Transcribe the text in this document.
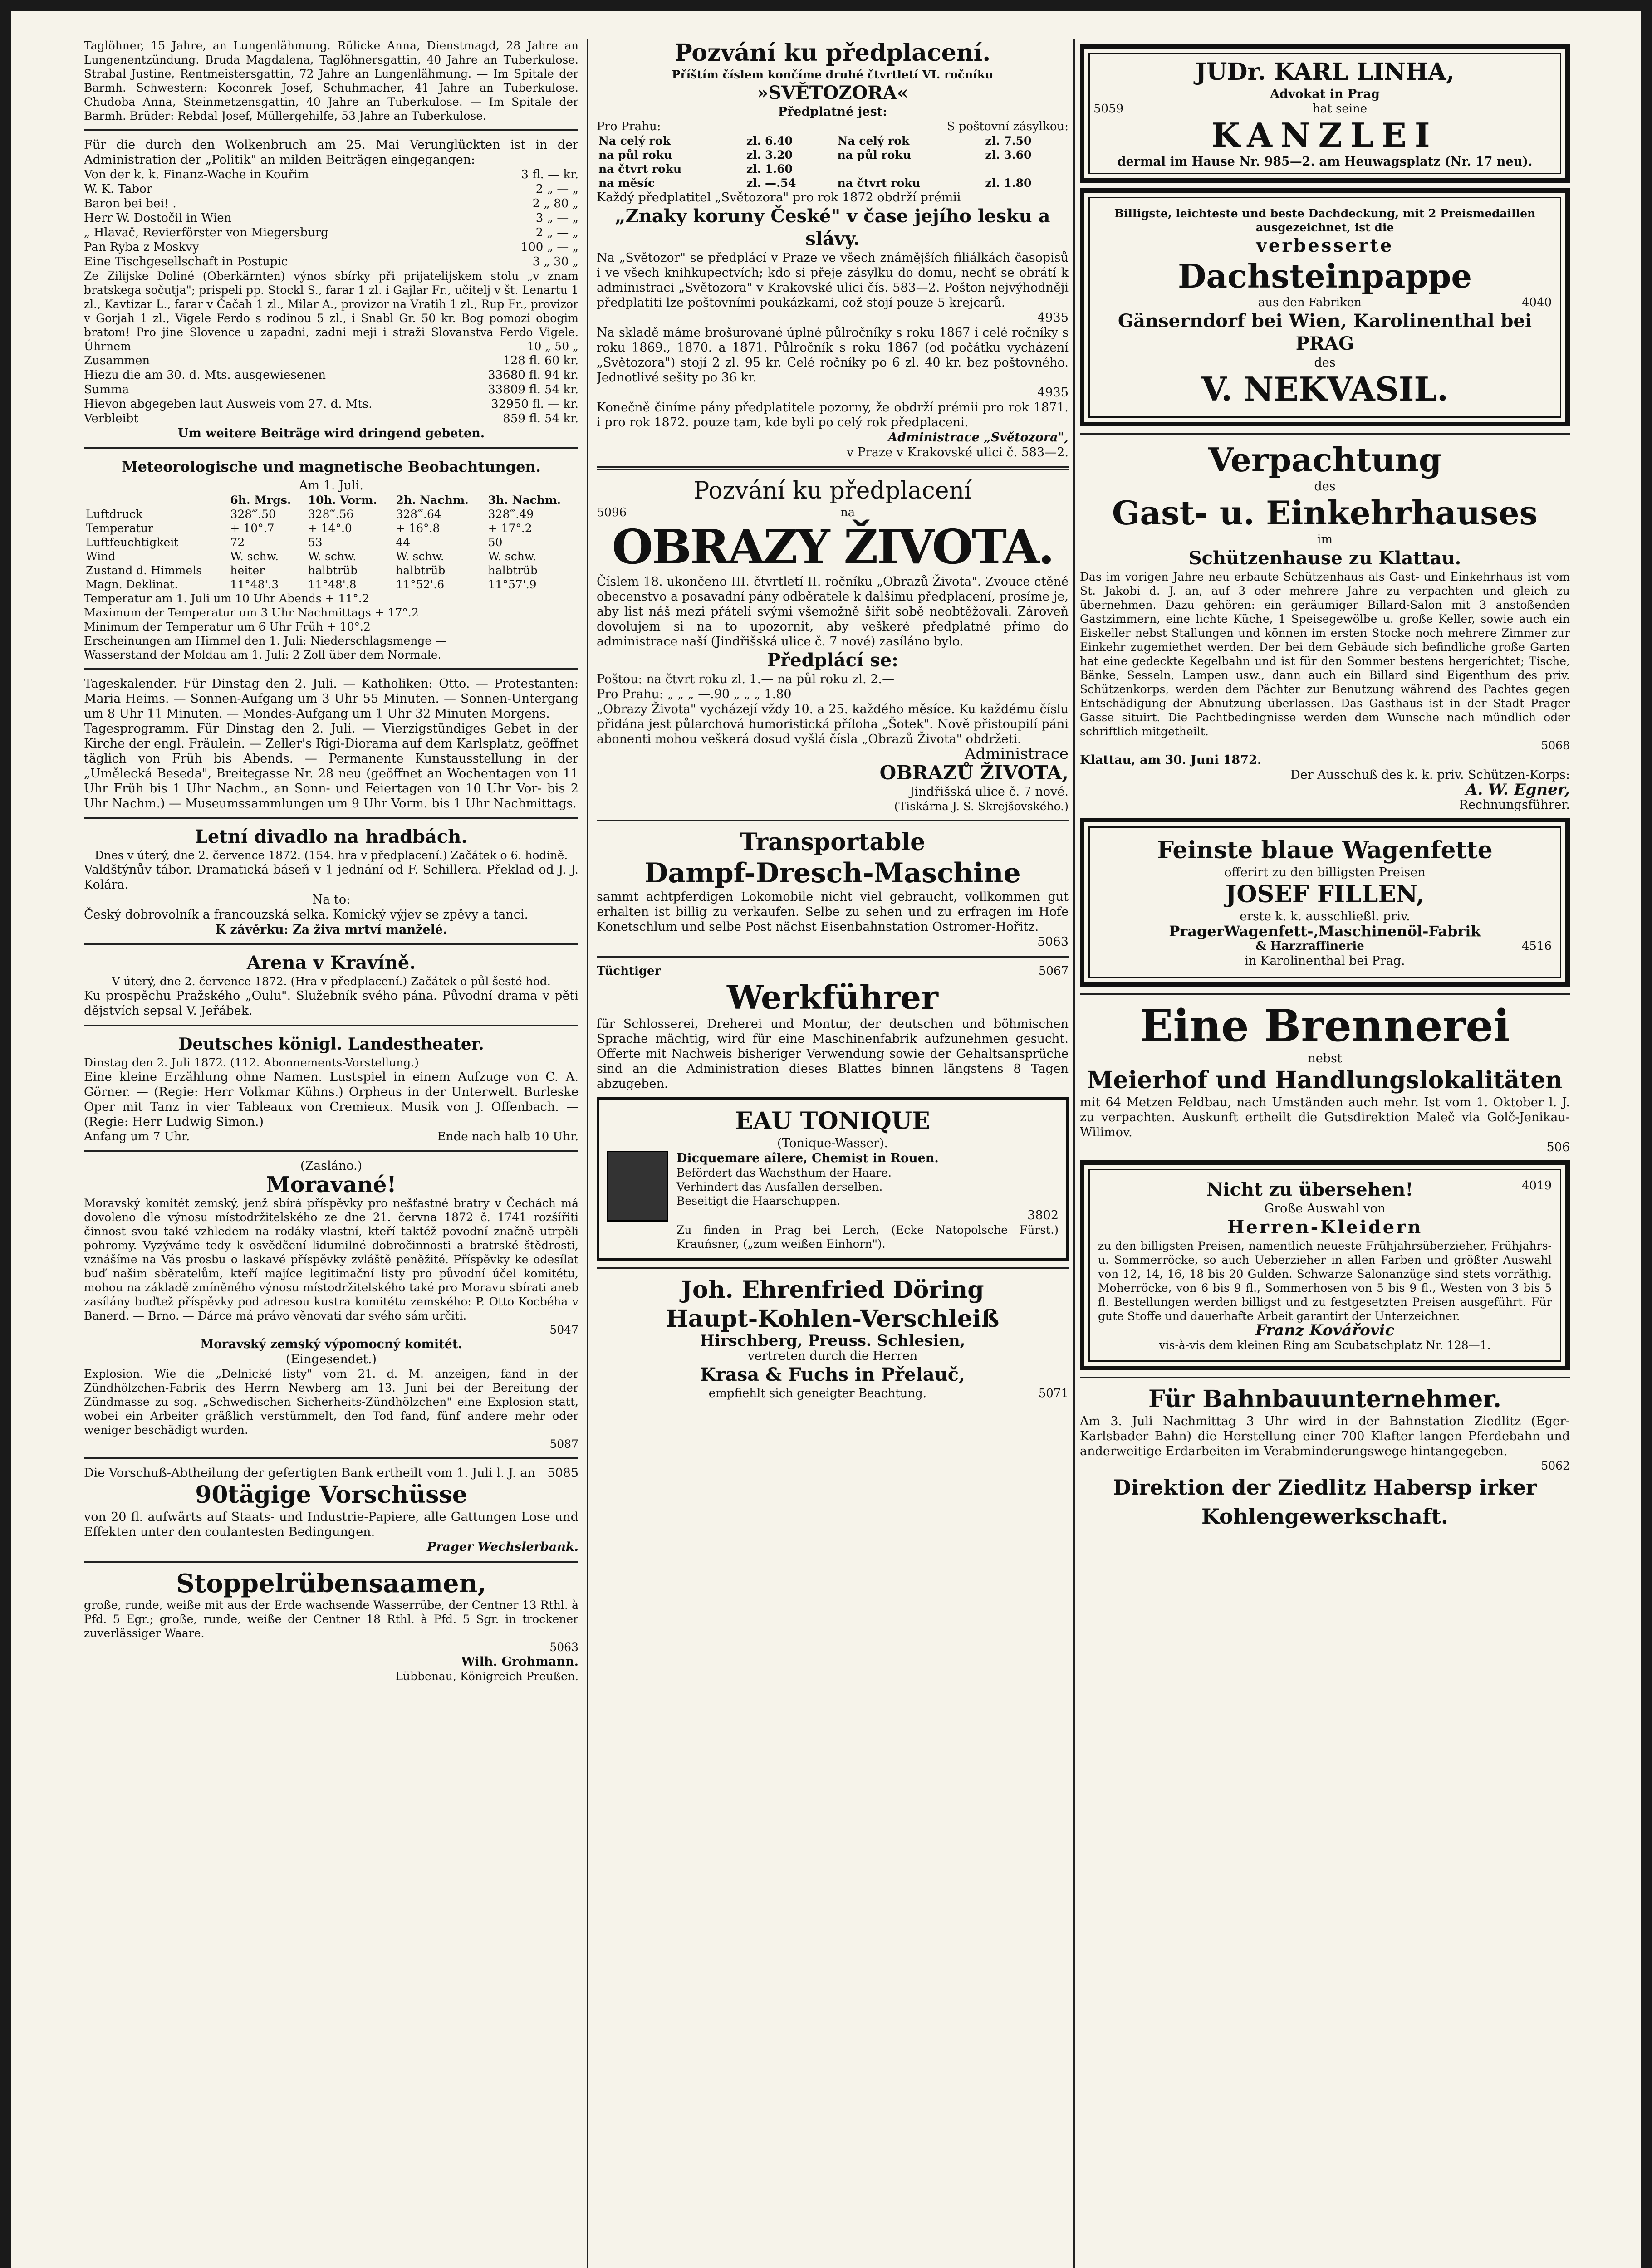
Taglöhner, 15 Jahre, an Lungenlähmung. Rülicke Anna, Dienstmagd, 28 Jahre an Lungenentzündung. Bruda Magdalena, Taglöhnersgattin, 40 Jahre an Tuberkulose. Strabal Justine, Rentmeistersgattin, 72 Jahre an Lungenlähmung. — Im Spitale der Barmh. Schwestern: Koconrek Josef, Schuhmacher, 41 Jahre an Tuberkulose. Chudoba Anna, Steinmetzensgattin, 40 Jahre an Tuberkulose. — Im Spitale der Barmh. Brüder: Rebdal Josef, Müllergehilfe, 53 Jahre an Tuberkulose.

Für die durch den Wolkenbruch am 25. Mai Verunglückten ist in der Administration der „Politik" an milden Beiträgen eingegangen:

Von der k. k. Finanz-Wache in Kouřim	3 fl. — kr.
W. K. Tabor	2 „ — „
Baron bei bei! .	2 „ 80 „
Herr W. Dostočil in Wien	3 „ — „
„ Hlavač, Revierförster von Miegersburg	2 „ — „
Pan Ryba z Moskvy	100 „ — „
Eine Tischgesellschaft in Postupic	3 „ 30 „

Ze Zilijske Doliné (Oberkärnten) výnos sbírky při prijatelijskem stolu „v znam bratskega sočutja"; prispeli pp. Stockl S., farar 1 zl. i Gajlar Fr., učitelj v št. Lenartu 1 zl., Kavtizar L., farar v Čačah 1 zl., Milar A., provizor na Vratih 1 zl., Rup Fr., provizor v Gorjah 1 zl., Vigele Ferdo s rodinou 5 zl., i Snabl Gr. 50 kr. Bog pomozi obogim bratom! Pro jine Slovence u zapadni, zadni meji i straži Slovanstva Ferdo Vigele. Úhrnem	10 „ 50 „

Zusammen	128 fl. 60 kr.
Hiezu die am 30. d. Mts. ausgewiesenen	33680 fl. 94 kr.
Summa	33809 fl. 54 kr.
Hievon abgegeben laut Ausweis vom 27. d. Mts.	32950 fl. — kr.
Verbleibt	859 fl. 54 kr.

Um weitere Beiträge wird dringend gebeten.

Meteorologische und magnetische Beobachtungen.

Am 1. Juli.

	6h. Mrgs.	10h. Vorm.	2h. Nachm.	3h. Nachm.
Luftdruck	328‴.50	328‴.56	328‴.64	328‴.49
Temperatur	+ 10°.7	+ 14°.0	+ 16°.8	+ 17°.2
Luftfeuchtigkeit	72	53	44	50
Wind	W. schw.	W. schw.	W. schw.	W. schw.
Zustand d. Himmels	heiter	halbtrüb	halbtrüb	halbtrüb
Magn. Deklinat.	11°48'.3	11°48'.8	11°52'.6	11°57'.9

Temperatur am 1. Juli um 10 Uhr Abends + 11°.2

Maximum der Temperatur um 3 Uhr Nachmittags + 17°.2

Minimum der Temperatur um 6 Uhr Früh + 10°.2

Erscheinungen am Himmel den 1. Juli: Niederschlagsmenge —

Wasserstand der Moldau am 1. Juli: 2 Zoll über dem Normale.

Tageskalender. Für Dinstag den 2. Juli. — Katholiken: Otto. — Protestanten: Maria Heims. — Sonnen-Aufgang um 3 Uhr 55 Minuten. — Sonnen-Untergang um 8 Uhr 11 Minuten. — Mondes-Aufgang um 1 Uhr 32 Minuten Morgens.

Tagesprogramm. Für Dinstag den 2. Juli. — Vierzigstündiges Gebet in der Kirche der engl. Fräulein. — Zeller's Rigi-Diorama auf dem Karlsplatz, geöffnet täglich von Früh bis Abends. — Permanente Kunstausstellung in der „Umělecká Beseda", Breitegasse Nr. 28 neu (geöffnet an Wochentagen von 11 Uhr Früh bis 1 Uhr Nachm., an Sonn- und Feiertagen von 10 Uhr Vor- bis 2 Uhr Nachm.) — Museumssammlungen um 9 Uhr Vorm. bis 1 Uhr Nachmittags.

Letní divadlo na hradbách.

Dnes v úterý, dne 2. července 1872. (154. hra v předplacení.) Začátek o 6. hodině.

Valdštýnův tábor. Dramatická báseň v 1 jednání od F. Schillera. Překlad od J. J. Kolára.

Na to:

Český dobrovolník a francouzská selka. Komický výjev se zpěvy a tanci.

K závěrku: Za živa mrtví manželé.

Arena v Kravíně.

V úterý, dne 2. července 1872. (Hra v předplacení.) Začátek o půl šesté hod.

Ku prospěchu Pražského „Oulu". Služebník svého pána. Původní drama v pěti dějstvích sepsal V. Jeřábek.

Deutsches königl. Landestheater.

Dinstag den 2. Juli 1872. (112. Abonnements-Vorstellung.)

Eine kleine Erzählung ohne Namen. Lustspiel in einem Aufzuge von C. A. Görner. — (Regie: Herr Volkmar Kühns.) Orpheus in der Unterwelt. Burleske Oper mit Tanz in vier Tableaux von Cremieux. Musik von J. Offenbach. — (Regie: Herr Ludwig Simon.)

Anfang um 7 Uhr.	Ende nach halb 10 Uhr.

(Zasláno.)

Moravané!

Moravský komitét zemský, jenž sbírá příspěvky pro nešťastné bratry v Čechách má dovoleno dle výnosu místodržitelského ze dne 21. června 1872 č. 1741 rozšířiti činnost svou také vzhledem na rodáky vlastní, kteří taktéž povodní značně utrpěli pohromy. Vyzýváme tedy k osvědčení lidumilné dobročinnosti a bratrské štědrosti, vznášíme na Vás prosbu o laskavé příspěvky zvláště peněžité. Příspěvky ke odesílat buď našim sběratelům, kteří majíce legitimační listy pro původní účel komitétu, mohou na základě zmíněného výnosu místodržitelského také pro Moravu sbírati aneb zasílány buďtež příspěvky pod adresou kustra komitétu zemského: P. Otto Kocbéha v Banerd. — Brno. — Dárce má právo věnovati dar svého sám určiti.

5047

Moravský zemský výpomocný komitét.

(Eingesendet.)

Explosion. Wie die „Delnické listy" vom 21. d. M. anzeigen, fand in der Zündhölzchen-Fabrik des Herrn Newberg am 13. Juni bei der Bereitung der Zündmasse zu sog. „Schwedischen Sicherheits-Zündhölzchen" eine Explosion statt, wobei ein Arbeiter gräßlich verstümmelt, den Tod fand, fünf andere mehr oder weniger beschädigt wurden.

5087

Die Vorschuß-Abtheilung der gefertigten Bank ertheilt vom 1. Juli l. J. an 5085

90tägige Vorschüsse

von 20 fl. aufwärts auf Staats- und Industrie-Papiere, alle Gattungen Lose und Effekten unter den coulantesten Bedingungen.

Prager Wechslerbank.

Stoppelrübensaamen,

große, runde, weiße mit aus der Erde wachsende Wasserrübe, der Centner 13 Rthl. à Pfd. 5 Egr.; große, runde, weiße der Centner 18 Rthl. à Pfd. 5 Sgr. in trockener zuverlässiger Waare.

5063

Wilh. Grohmann.

Lübbenau, Königreich Preußen.

Pozvání ku předplacení.

Příštím číslem končíme druhé čtvrtletí VI. ročníku

»SVĚTOZORA«

Předplatné jest:

Pro Prahu:	S poštovní zásylkou:
Na celý rok	zl. 6.40	Na celý rok	zl. 7.50
na půl roku	zl. 3.20	na půl roku	zl. 3.60
na čtvrt roku	zl. 1.60		
na měsíc	zl. —.54	na čtvrt roku	zl. 1.80

Každý předplatitel „Světozora" pro rok 1872 obdrží prémii

„Znaky koruny České" v čase jejího lesku a slávy.

Na „Světozor" se předplácí v Praze ve všech známějších filiálkách časopisů i ve všech knihkupectvích; kdo si přeje zásylku do domu, nechť se obrátí k administraci „Světozora" v Krakovské ulici čís. 583—2. Pošton nejvýhodněji předplatiti lze poštovními poukázkami, což stojí pouze 5 krejcarů.

4935

Na skladě máme brošurované úplné půlročníky s roku 1867 i celé ročníky s roku 1869., 1870. a 1871. Půlročník s roku 1867 (od počátku vycházení „Světozora") stojí 2 zl. 95 kr. Celé ročníky po 6 zl. 40 kr. bez poštovného. Jednotlivé sešity po 36 kr.

4935

Konečně činíme pány předplatitele pozorny, že obdrží prémii pro rok 1871. i pro rok 1872. pouze tam, kde byli po celý rok předplaceni.

Administrace „Světozora",

v Praze v Krakovské ulici č. 583—2.

Pozvání ku předplacení

5096	na

OBRAZY ŽIVOTA.

Číslem 18. ukončeno III. čtvrtletí II. ročníku „Obrazů Života". Zvouce ctěné obecenstvo a posavadní pány odběratele k dalšímu předplacení, prosíme je, aby list náš mezi přáteli svými všemožně šířit sobě neobtěžovali. Zároveň dovolujem si na to upozornit, aby veškeré předplatné přímo do administrace naší (Jindřišská ulice č. 7 nové) zasíláno bylo.

Předplácí se:

Poštou: na čtvrt roku zl. 1.— na půl roku zl. 2.—

Pro Prahu: „ „ „ —.90 „ „ „ 1.80

„Obrazy Života" vycházejí vždy 10. a 25. každého měsíce. Ku každému číslu přidána jest půlarchová humoristická příloha „Šotek". Nově přistoupilí páni abonenti mohou veškerá dosud vyšlá čísla „Obrazů Života" obdržeti.

Administrace

OBRAZŮ ŽIVOTA,

Jindřišská ulice č. 7 nové.

(Tiskárna J. S. Skrejšovského.)

Transportable

Dampf-Dresch-Maschine

sammt achtpferdigen Lokomobile nicht viel gebraucht, vollkommen gut erhalten ist billig zu verkaufen. Selbe zu sehen und zu erfragen im Hofe Konetschlum und selbe Post nächst Eisenbahnstation Ostromer-Hořitz.

5063

Tüchtiger	5067

Werkführer

für Schlosserei, Dreherei und Montur, der deutschen und böhmischen Sprache mächtig, wird für eine Maschinenfabrik aufzunehmen gesucht. Offerte mit Nachweis bisheriger Verwendung sowie der Gehaltsansprüche sind an die Administration dieses Blattes binnen längstens 8 Tagen abzugeben.

EAU TONIQUE

(Tonique-Wasser).

Dicquemare aîlere, Chemist in Rouen.

Befördert das Wachsthum der Haare.

Verhindert das Ausfallen derselben.

Beseitigt die Haarschuppen.

3802

Zu finden in Prag bei Lerch, (Ecke Natopolsche Fürst.) Krauńsner, („zum weißen Einhorn").

Joh. Ehrenfried Döring

Haupt-Kohlen-Verschleiß

Hirschberg, Preuss. Schlesien,

vertreten durch die Herren

Krasa & Fuchs in Přelauč,

empfiehlt sich geneigter Beachtung.	5071

JUDr. KARL LINHA,

Advokat in Prag

5059	hat seine

KANZLEI

dermal im Hause Nr. 985—2. am Heuwagsplatz (Nr. 17 neu).

Billigste, leichteste und beste Dachdeckung, mit 2 Preismedaillen ausgezeichnet, ist die

verbesserte

Dachsteinpappe

aus den Fabriken	4040

Gänserndorf bei Wien, Karolinenthal bei PRAG

des

V. NEKVASIL.

Verpachtung

des

Gast- u. Einkehrhauses

im

Schützenhause zu Klattau.

Das im vorigen Jahre neu erbaute Schützenhaus als Gast- und Einkehrhaus ist vom St. Jakobi d. J. an, auf 3 oder mehrere Jahre zu verpachten und gleich zu übernehmen. Dazu gehören: ein geräumiger Billard-Salon mit 3 anstoßenden Gastzimmern, eine lichte Küche, 1 Speisegewölbe u. große Keller, sowie auch ein Eiskeller nebst Stallungen und können im ersten Stocke noch mehrere Zimmer zur Einkehr zugemiethet werden. Der bei dem Gebäude sich befindliche große Garten hat eine gedeckte Kegelbahn und ist für den Sommer bestens hergerichtet; Tische, Bänke, Sesseln, Lampen usw., dann auch ein Billard sind Eigenthum des priv. Schützenkorps, werden dem Pächter zur Benutzung während des Pachtes gegen Entschädigung der Abnutzung überlassen. Das Gasthaus ist in der Stadt Prager Gasse situirt. Die Pachtbedingnisse werden dem Wunsche nach mündlich oder schriftlich mitgetheilt.

5068

Klattau, am 30. Juni 1872.

Der Ausschuß des k. k. priv. Schützen-Korps:

A. W. Egner,

Rechnungsführer.

Feinste blaue Wagenfette

offerirt zu den billigsten Preisen

JOSEF FILLEN,

erste k. k. ausschließl. priv.

PragerWagenfett-,Maschinenöl-Fabrik

& Harzraffinerie	4516

in Karolinenthal bei Prag.

Eine Brennerei

nebst

Meierhof und Handlungslokalitäten

mit 64 Metzen Feldbau, nach Umständen auch mehr. Ist vom 1. Oktober l. J. zu verpachten. Auskunft ertheilt die Gutsdirektion Maleč via Golč-Jenikau-Wilimov.

506

Nicht zu übersehen!	4019

Große Auswahl von

Herren-Kleidern

zu den billigsten Preisen, namentlich neueste Frühjahrsüberzieher, Frühjahrs- u. Sommerröcke, so auch Ueberzieher in allen Farben und größter Auswahl von 12, 14, 16, 18 bis 20 Gulden. Schwarze Salonanzüge sind stets vorräthig. Moherröcke, von 6 bis 9 fl., Sommerhosen von 5 bis 9 fl., Westen von 3 bis 5 fl. Bestellungen werden billigst und zu festgesetzten Preisen ausgeführt. Für gute Stoffe und dauerhafte Arbeit garantirt der Unterzeichner.

Franz Kovářovic

vis-à-vis dem kleinen Ring am Scubatschplatz Nr. 128—1.

Für Bahnbauunternehmer.

Am 3. Juli Nachmittag 3 Uhr wird in der Bahnstation Ziedlitz (Eger-Karlsbader Bahn) die Herstellung einer 700 Klafter langen Pferdebahn und anderweitige Erdarbeiten im Verabminderungswege hintangegeben.

5062

Direktion der Ziedlitz Habersp irker

Kohlengewerkschaft.
